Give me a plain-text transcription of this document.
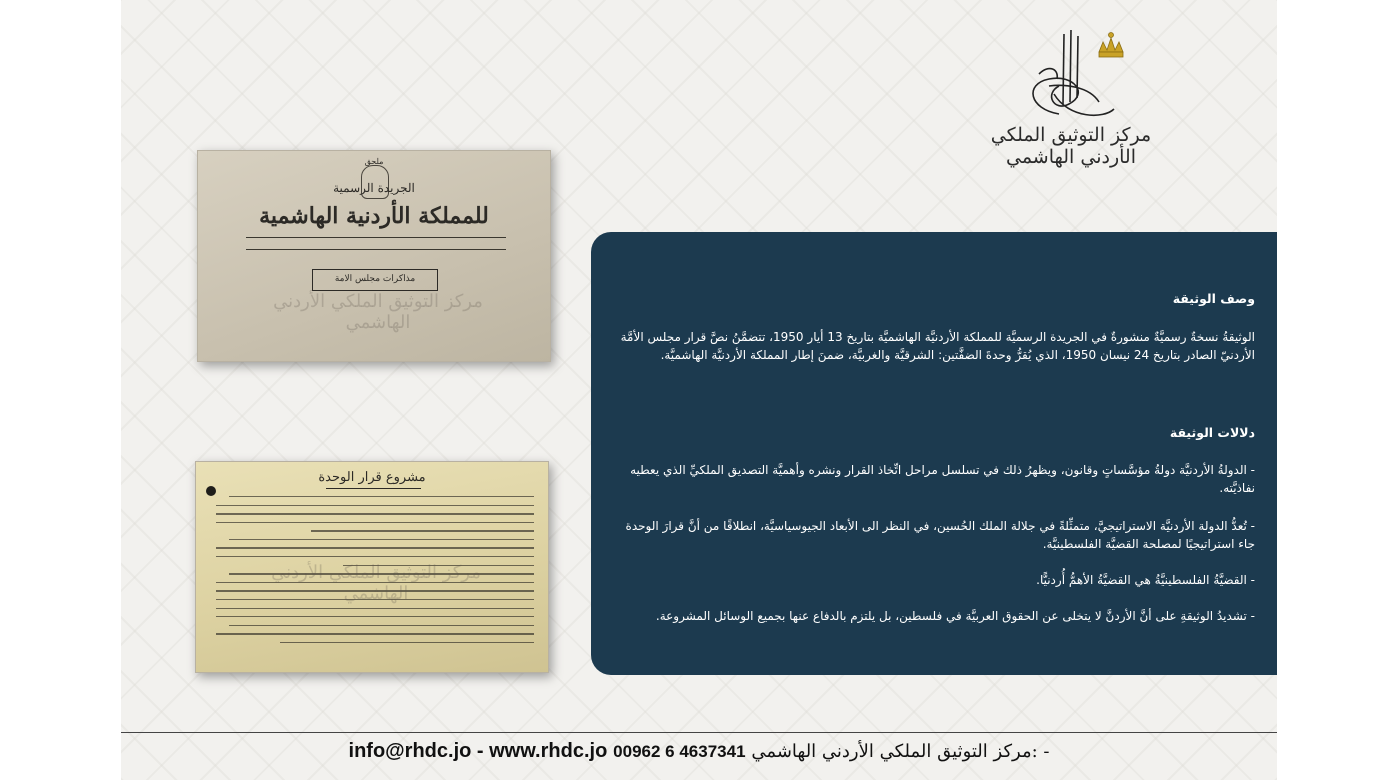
مركز التوثيق الملكي الأردني الهاشمي
ملحق
الجريدة الرسمية
للمملكة الأردنية الهاشمية
مذاكرات مجلس الامة
مركز التوثيق الملكي الأردني الهاشمي
مشروع قرار الوحدة
مركز التوثيق الملكي الأردني الهاشمي
وصف الوثيقة
الوثيقةُ نسخةٌ رسميَّةٌ منشورةٌ في الجريدة الرسميَّة للمملكة الأردنيَّة الهاشميَّة بتاريخ 13 أيار 1950، تتضمَّنُ نصَّ قرار مجلس الأمَّة الأردنيّ الصادر بتاريخ 24 نيسان 1950، الذي يُقرُّ وحدةَ الضفَّتين: الشرقيَّة والغربيَّة، ضمنَ إطار المملكة الأردنيَّة الهاشميَّة.
دلالات الوثيقة
- الدولةُ الأردنيَّة دولةُ مؤسَّساتٍ وقانون، ويظهرُ ذلك في تسلسل مراحل اتِّخاذ القرار ونشره وأهميَّة التصديق الملكيِّ الذي يعطيه نفاذيَّته.
- تُعدُّ الدولة الأردنيَّة الاستراتيجيَّ، متمثِّلةً في جلالة الملك الحُسين، في النظر الى الأبعاد الجيوسياسيَّة، انطلاقًا من أنَّ قرارَ الوحدة جاء استراتيجيًا لمصلحة القضيَّة الفلسطينيَّة.
- القضيَّةُ الفلسطينيَّةُ هي القضيَّةُ الأهمُّ أُردنيًّا.
- تشديدُ الوثيقةِ على أنَّ الأردنَّ لا يتخلى عن الحقوق العربيَّة في فلسطين، بل يلتزم بالدفاع عنها بجميع الوسائل المشروعة.
info@rhdc.jo - www.rhdc.jo 00962 6 4637341 مركز التوثيق الملكي الأردني الهاشمي: -
